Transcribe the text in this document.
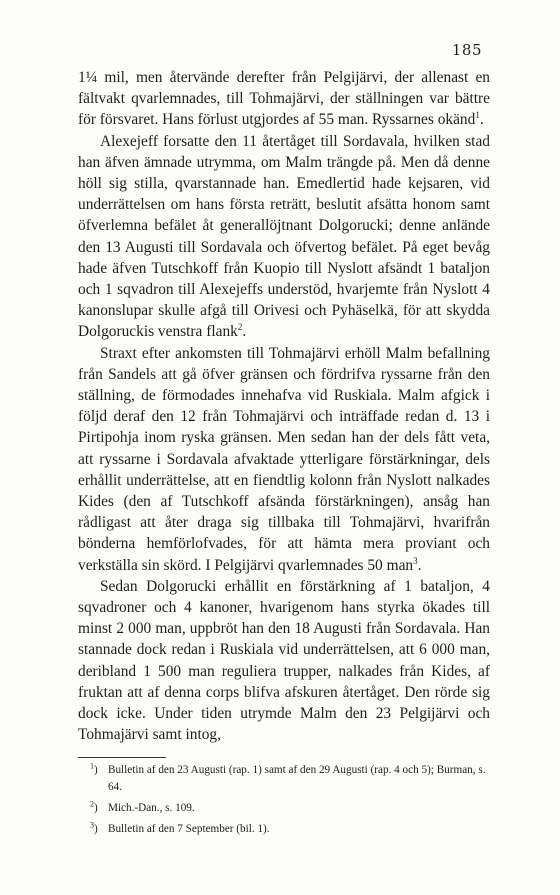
185

1¼ mil, men återvände derefter från Pelgijärvi, der allenast en fältvakt qvarlemnades, till Tohmajärvi, der ställningen var bättre för försvaret. Hans förlust utgjordes af 55 man. Ryssarnes okänd$^1$.

Alexejeff forsatte den 11 återtåget till Sordavala, hvilken stad han äfven ämnade utrymma, om Malm trängde på. Men då denne höll sig stilla, qvarstannade han. Emedlertid hade kejsaren, vid underrättelsen om hans första reträtt, beslutit afsätta honom samt öfverlemna befälet åt generallöjtnant Dolgorucki; denne anlände den 13 Augusti till Sordavala och öfvertog befälet. På eget bevåg hade äfven Tutschkoff från Kuopio till Nyslott afsändt 1 bataljon och 1 sqvadron till Alexejeffs understöd, hvarjemte från Nyslott 4 kanonslupar skulle afgå till Orivesi och Pyhäselkä, för att skydda Dolgoruckis venstra flank$^2$.

Straxt efter ankomsten till Tohmajärvi erhöll Malm befallning från Sandels att gå öfver gränsen och fördrifva ryssarne från den ställning, de förmodades innehafva vid Ruskiala. Malm afgick i följd deraf den 12 från Tohmajärvi och inträffade redan d. 13 i Pirtipohja inom ryska gränsen. Men sedan han der dels fått veta, att ryssarne i Sordavala afvaktade ytterligare förstärkningar, dels erhållit underrättelse, att en fiendtlig kolonn från Nyslott nalkades Kides (den af Tutschkoff afsända förstärkningen), ansåg han rådligast att åter draga sig tillbaka till Tohmajärvi, hvarifrån bönderna hemförlofvades, för att hämta mera proviant och verkställa sin skörd. I Pelgijärvi qvarlemnades 50 man$^3$.

Sedan Dolgorucki erhållit en förstärkning af 1 bataljon, 4 sqvadroner och 4 kanoner, hvarigenom hans styrka ökades till minst 2 000 man, uppbröt han den 18 Augusti från Sordavala. Han stannade dock redan i Ruskiala vid underrättelsen, att 6 000 man, deribland 1 500 man reguliera trupper, nalkades från Kides, af fruktan att af denna corps blifva afskuren återtåget. Den rörde sig dock icke. Under tiden utrymde Malm den 23 Pelgijärvi och Tohmajärvi samt intog,

$^1$) Bulletin af den 23 Augusti (rap. 1) samt af den 29 Augusti (rap. 4 och 5); Burman, s. 64.

$^2$) Mich.-Dan., s. 109.

$^3$) Bulletin af den 7 September (bil. 1).
